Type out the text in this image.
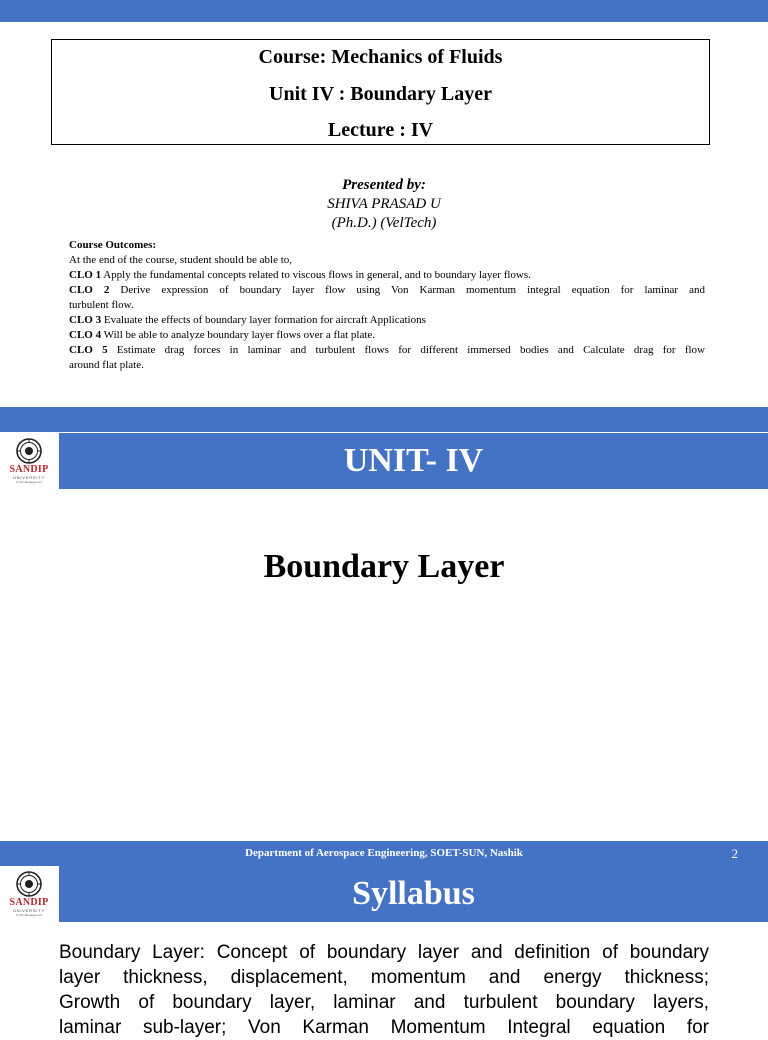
Course: Mechanics of Fluids
Unit IV : Boundary Layer
Lecture : IV
Presented by:
SHIVA PRASAD U
(Ph.D.) (VelTech)
Course Outcomes:
At the end of the course, student should be able to,
CLO 1 Apply the fundamental concepts related to viscous flows in general, and to boundary layer flows.
CLO 2 Derive expression of boundary layer flow using Von Karman momentum integral equation for laminar and
turbulent flow.
CLO 3 Evaluate the effects of boundary layer formation for aircraft Applications
CLO 4 Will be able to analyze boundary layer flows over a flat plate.
CLO 5 Estimate drag forces in laminar and turbulent flows for different immersed bodies and Calculate drag for flow
around flat plate.
SANDIP
UNIVERSITY
& SIC Management
UNIT- IV
Boundary Layer
Department of Aerospace Engineering, SOET-SUN, Nashik	2
SANDIP
UNIVERSITY
& SIC Management
Syllabus
Boundary Layer: Concept of boundary layer and definition of boundary
layer thickness, displacement, momentum and energy thickness;
Growth of boundary layer, laminar and turbulent boundary layers,
laminar sub-layer; Von Karman Momentum Integral equation for
